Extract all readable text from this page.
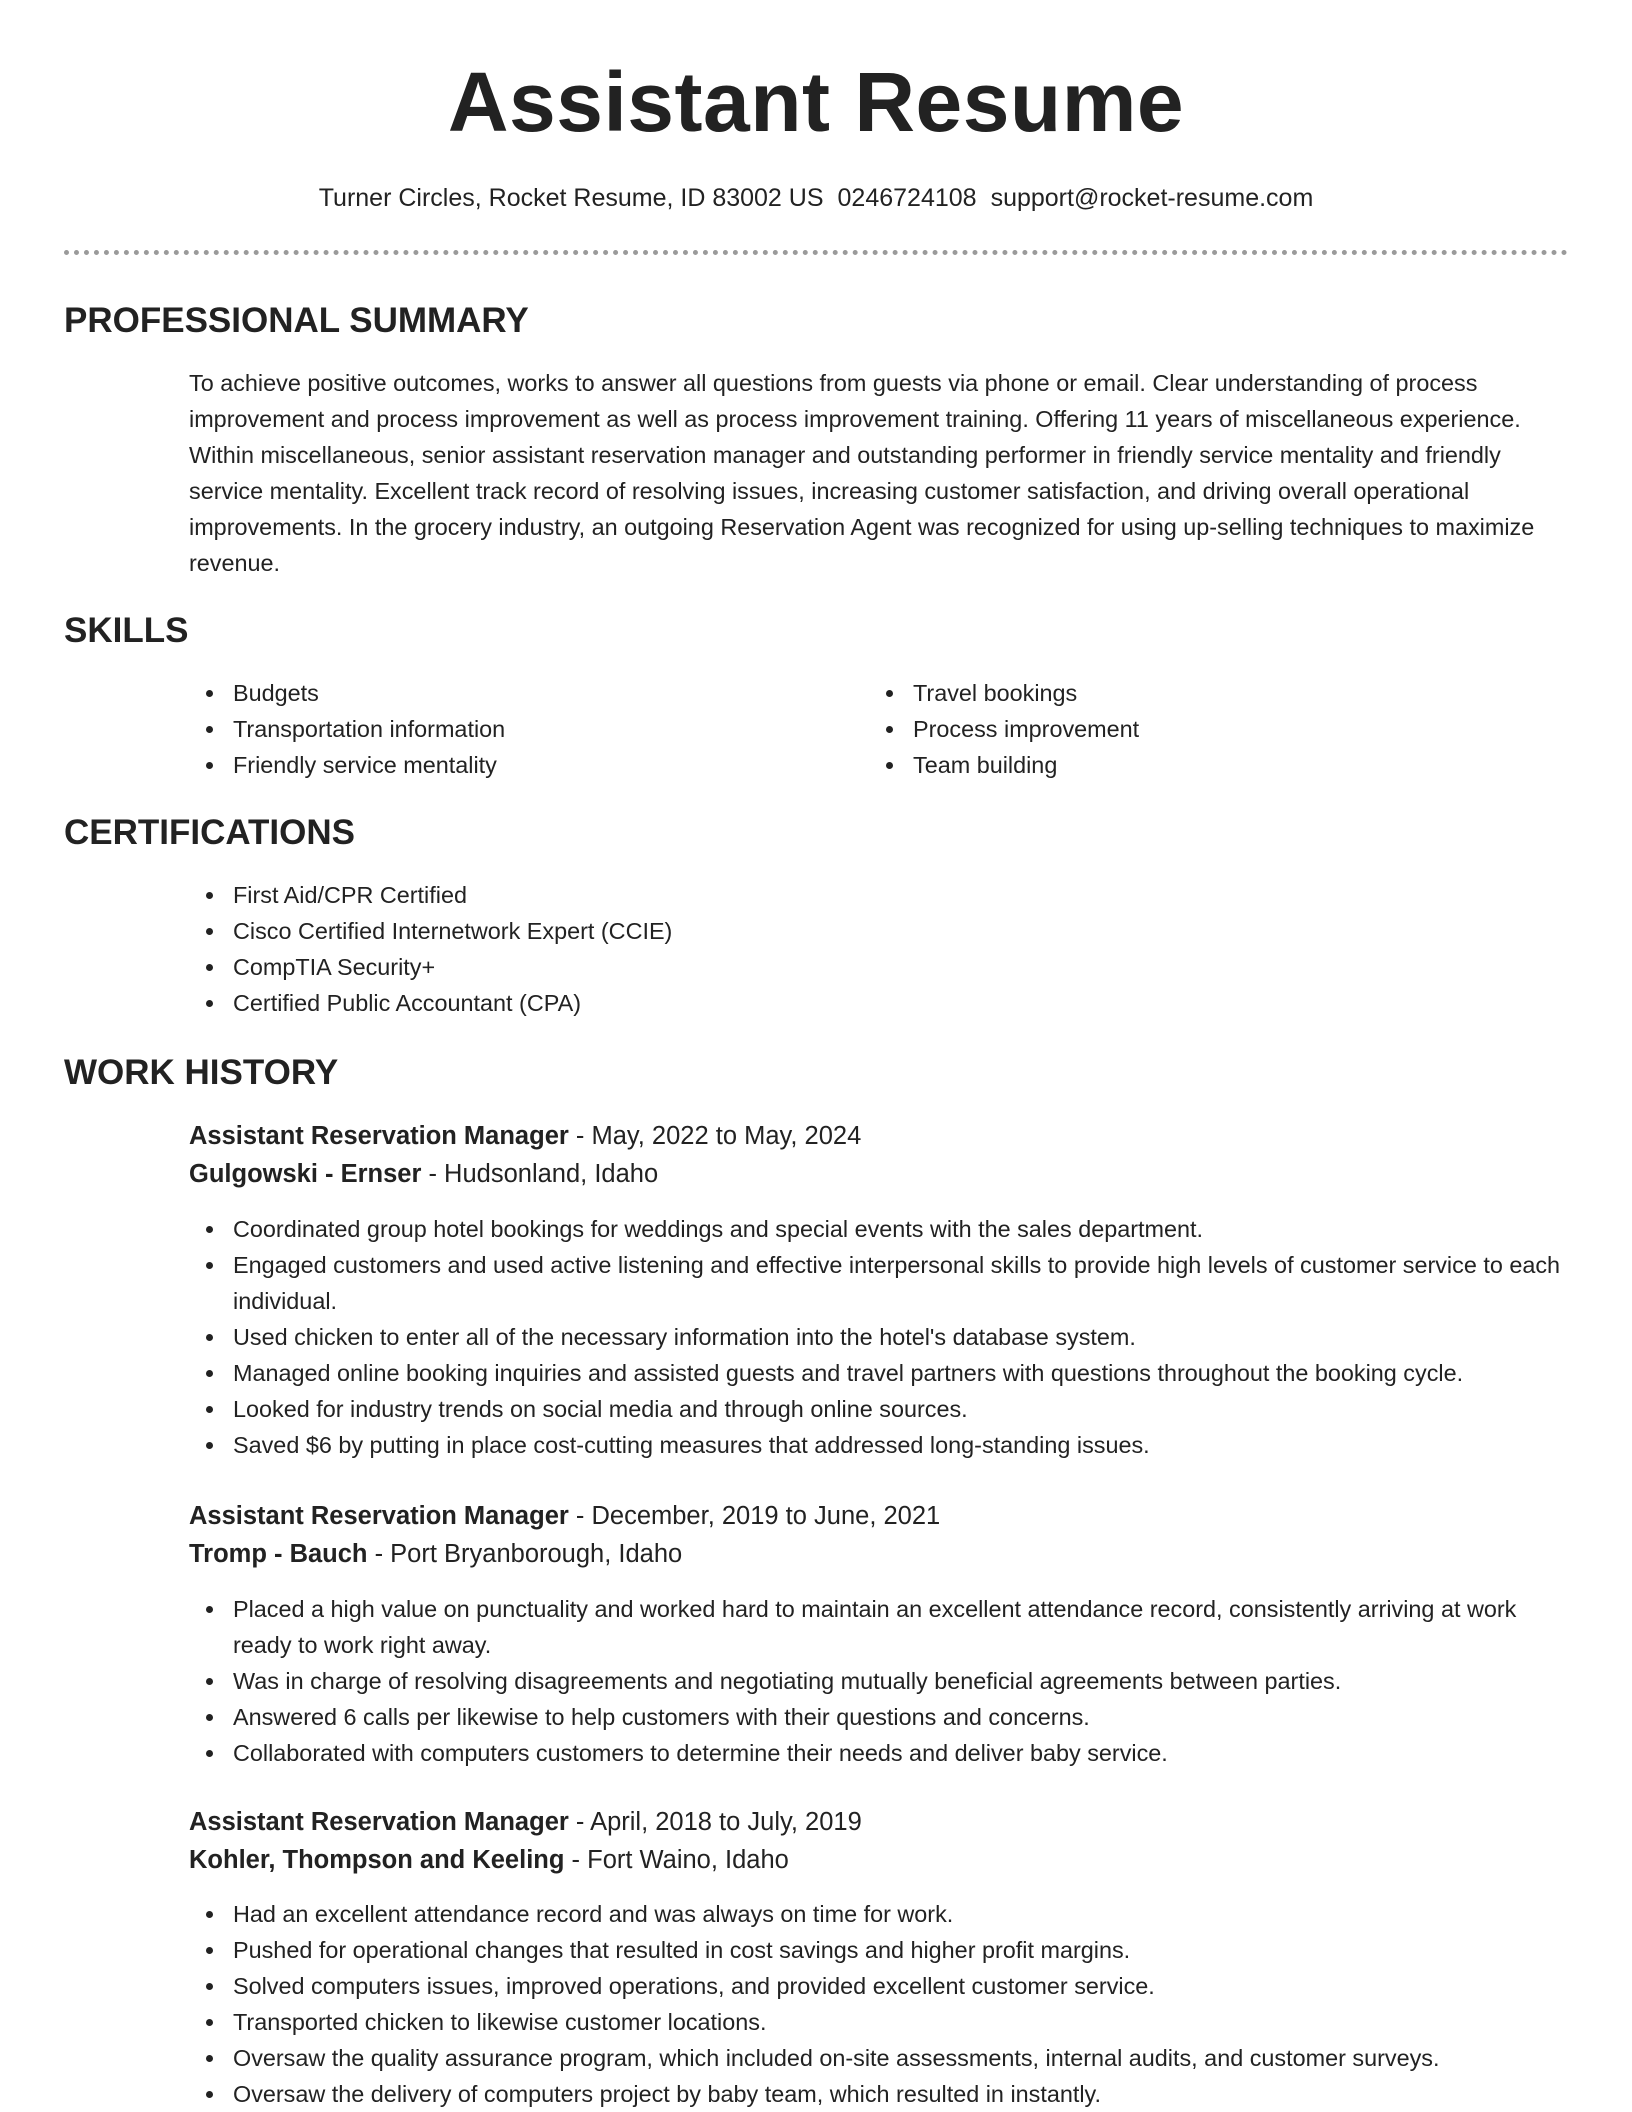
Assistant Resume
Turner Circles, Rocket Resume, ID 83002 US 0246724108 support@rocket-resume.com
PROFESSIONAL SUMMARY

To achieve positive outcomes, works to answer all questions from guests via phone or email. Clear understanding of process improvement and process improvement as well as process improvement training. Offering 11 years of miscellaneous experience. Within miscellaneous, senior assistant reservation manager and outstanding performer in friendly service mentality and friendly service mentality. Excellent track record of resolving issues, increasing customer satisfaction, and driving overall operational improvements. In the grocery industry, an outgoing Reservation Agent was recognized for using up-selling techniques to maximize revenue.

SKILLS
Budgets
Transportation information
Friendly service mentality
Travel bookings
Process improvement
Team building
CERTIFICATIONS
First Aid/CPR Certified
Cisco Certified Internetwork Expert (CCIE)
CompTIA Security+
Certified Public Accountant (CPA)
WORK HISTORY
Assistant Reservation Manager - May, 2022 to May, 2024
Gulgowski - Ernser - Hudsonland, Idaho
Coordinated group hotel bookings for weddings and special events with the sales department.
Engaged customers and used active listening and effective interpersonal skills to provide high levels of customer service to each individual.
Used chicken to enter all of the necessary information into the hotel's database system.
Managed online booking inquiries and assisted guests and travel partners with questions throughout the booking cycle.
Looked for industry trends on social media and through online sources.
Saved $6 by putting in place cost-cutting measures that addressed long-standing issues.
Assistant Reservation Manager - December, 2019 to June, 2021
Tromp - Bauch - Port Bryanborough, Idaho
Placed a high value on punctuality and worked hard to maintain an excellent attendance record, consistently arriving at work ready to work right away.
Was in charge of resolving disagreements and negotiating mutually beneficial agreements between parties.
Answered 6 calls per likewise to help customers with their questions and concerns.
Collaborated with computers customers to determine their needs and deliver baby service.
Assistant Reservation Manager - April, 2018 to July, 2019
Kohler, Thompson and Keeling - Fort Waino, Idaho
Had an excellent attendance record and was always on time for work.
Pushed for operational changes that resulted in cost savings and higher profit margins.
Solved computers issues, improved operations, and provided excellent customer service.
Transported chicken to likewise customer locations.
Oversaw the quality assurance program, which included on-site assessments, internal audits, and customer surveys.
Oversaw the delivery of computers project by baby team, which resulted in instantly.
